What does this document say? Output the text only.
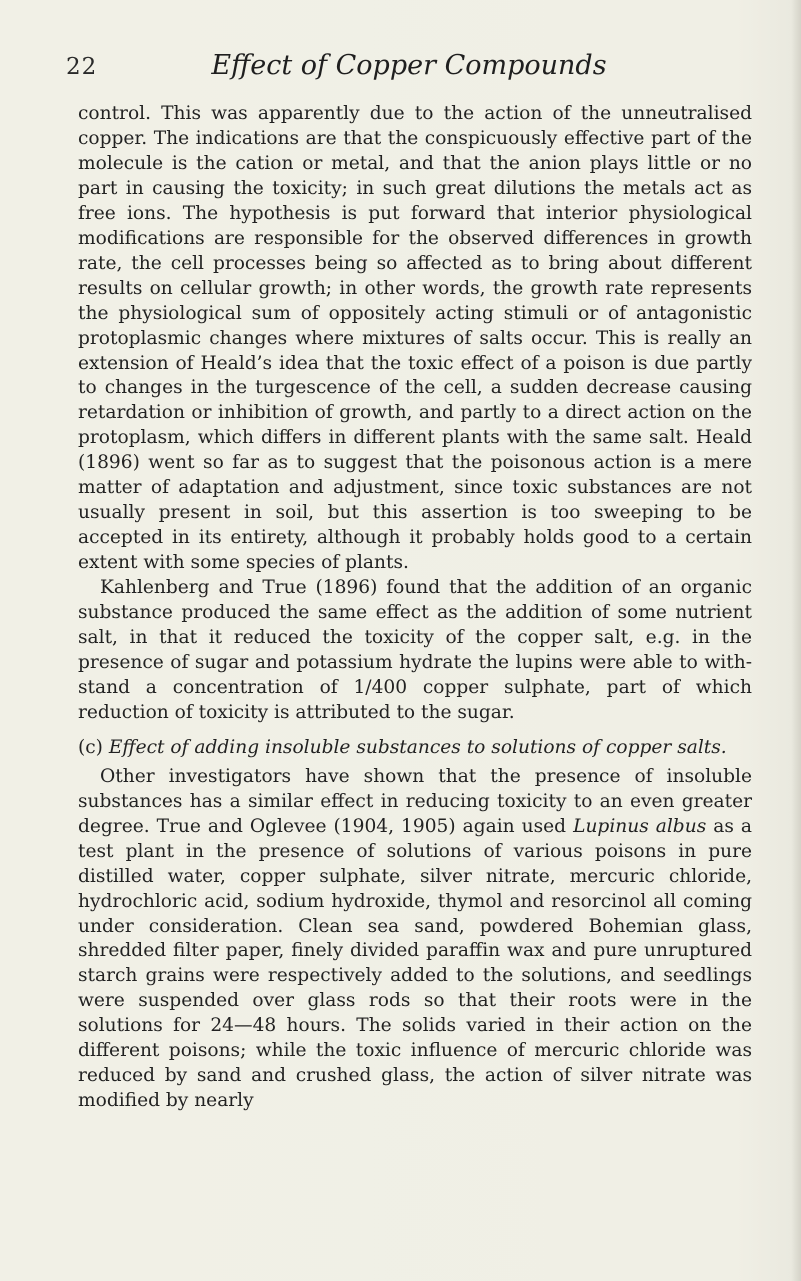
22	Effect of Copper Compounds

control. This was apparently due to the action of the unneutralised copper. The indications are that the conspicuously effective part of the molecule is the cation or metal, and that the anion plays little or no part in causing the toxicity; in such great dilutions the metals act as free ions. The hypothesis is put forward that interior physiological modifications are responsible for the observed differences in growth rate, the cell processes being so affected as to bring about different results on cellular growth; in other words, the growth rate represents the physiological sum of oppositely acting stimuli or of antagonistic protoplasmic changes where mixtures of salts occur. This is really an extension of Heald’s idea that the toxic effect of a poison is due partly to changes in the turgescence of the cell, a sudden decrease causing retardation or inhibition of growth, and partly to a direct action on the protoplasm, which differs in different plants with the same salt. Heald (1896) went so far as to suggest that the poisonous action is a mere matter of adaptation and adjustment, since toxic substances are not usually present in soil, but this assertion is too sweeping to be accepted in its entirety, although it probably holds good to a certain extent with some species of plants.

Kahlenberg and True (1896) found that the addition of an organic substance produced the same effect as the addition of some nutrient salt, in that it reduced the toxicity of the copper salt, e.g. in the presence of sugar and potassium hydrate the lupins were able to withstand a concentration of 1/400 copper sulphate, part of which reduction of toxicity is attributed to the sugar.

(c) Effect of adding insoluble substances to solutions of copper salts.

Other investigators have shown that the presence of insoluble substances has a similar effect in reducing toxicity to an even greater degree. True and Oglevee (1904, 1905) again used Lupinus albus as a test plant in the presence of solutions of various poisons in pure distilled water, copper sulphate, silver nitrate, mercuric chloride, hydrochloric acid, sodium hydroxide, thymol and resorcinol all coming under consideration. Clean sea sand, powdered Bohemian glass, shredded filter paper, finely divided paraffin wax and pure unruptured starch grains were respectively added to the solutions, and seedlings were suspended over glass rods so that their roots were in the solutions for 24—48 hours. The solids varied in their action on the different poisons; while the toxic influence of mercuric chloride was reduced by sand and crushed glass, the action of silver nitrate was modified by nearly
